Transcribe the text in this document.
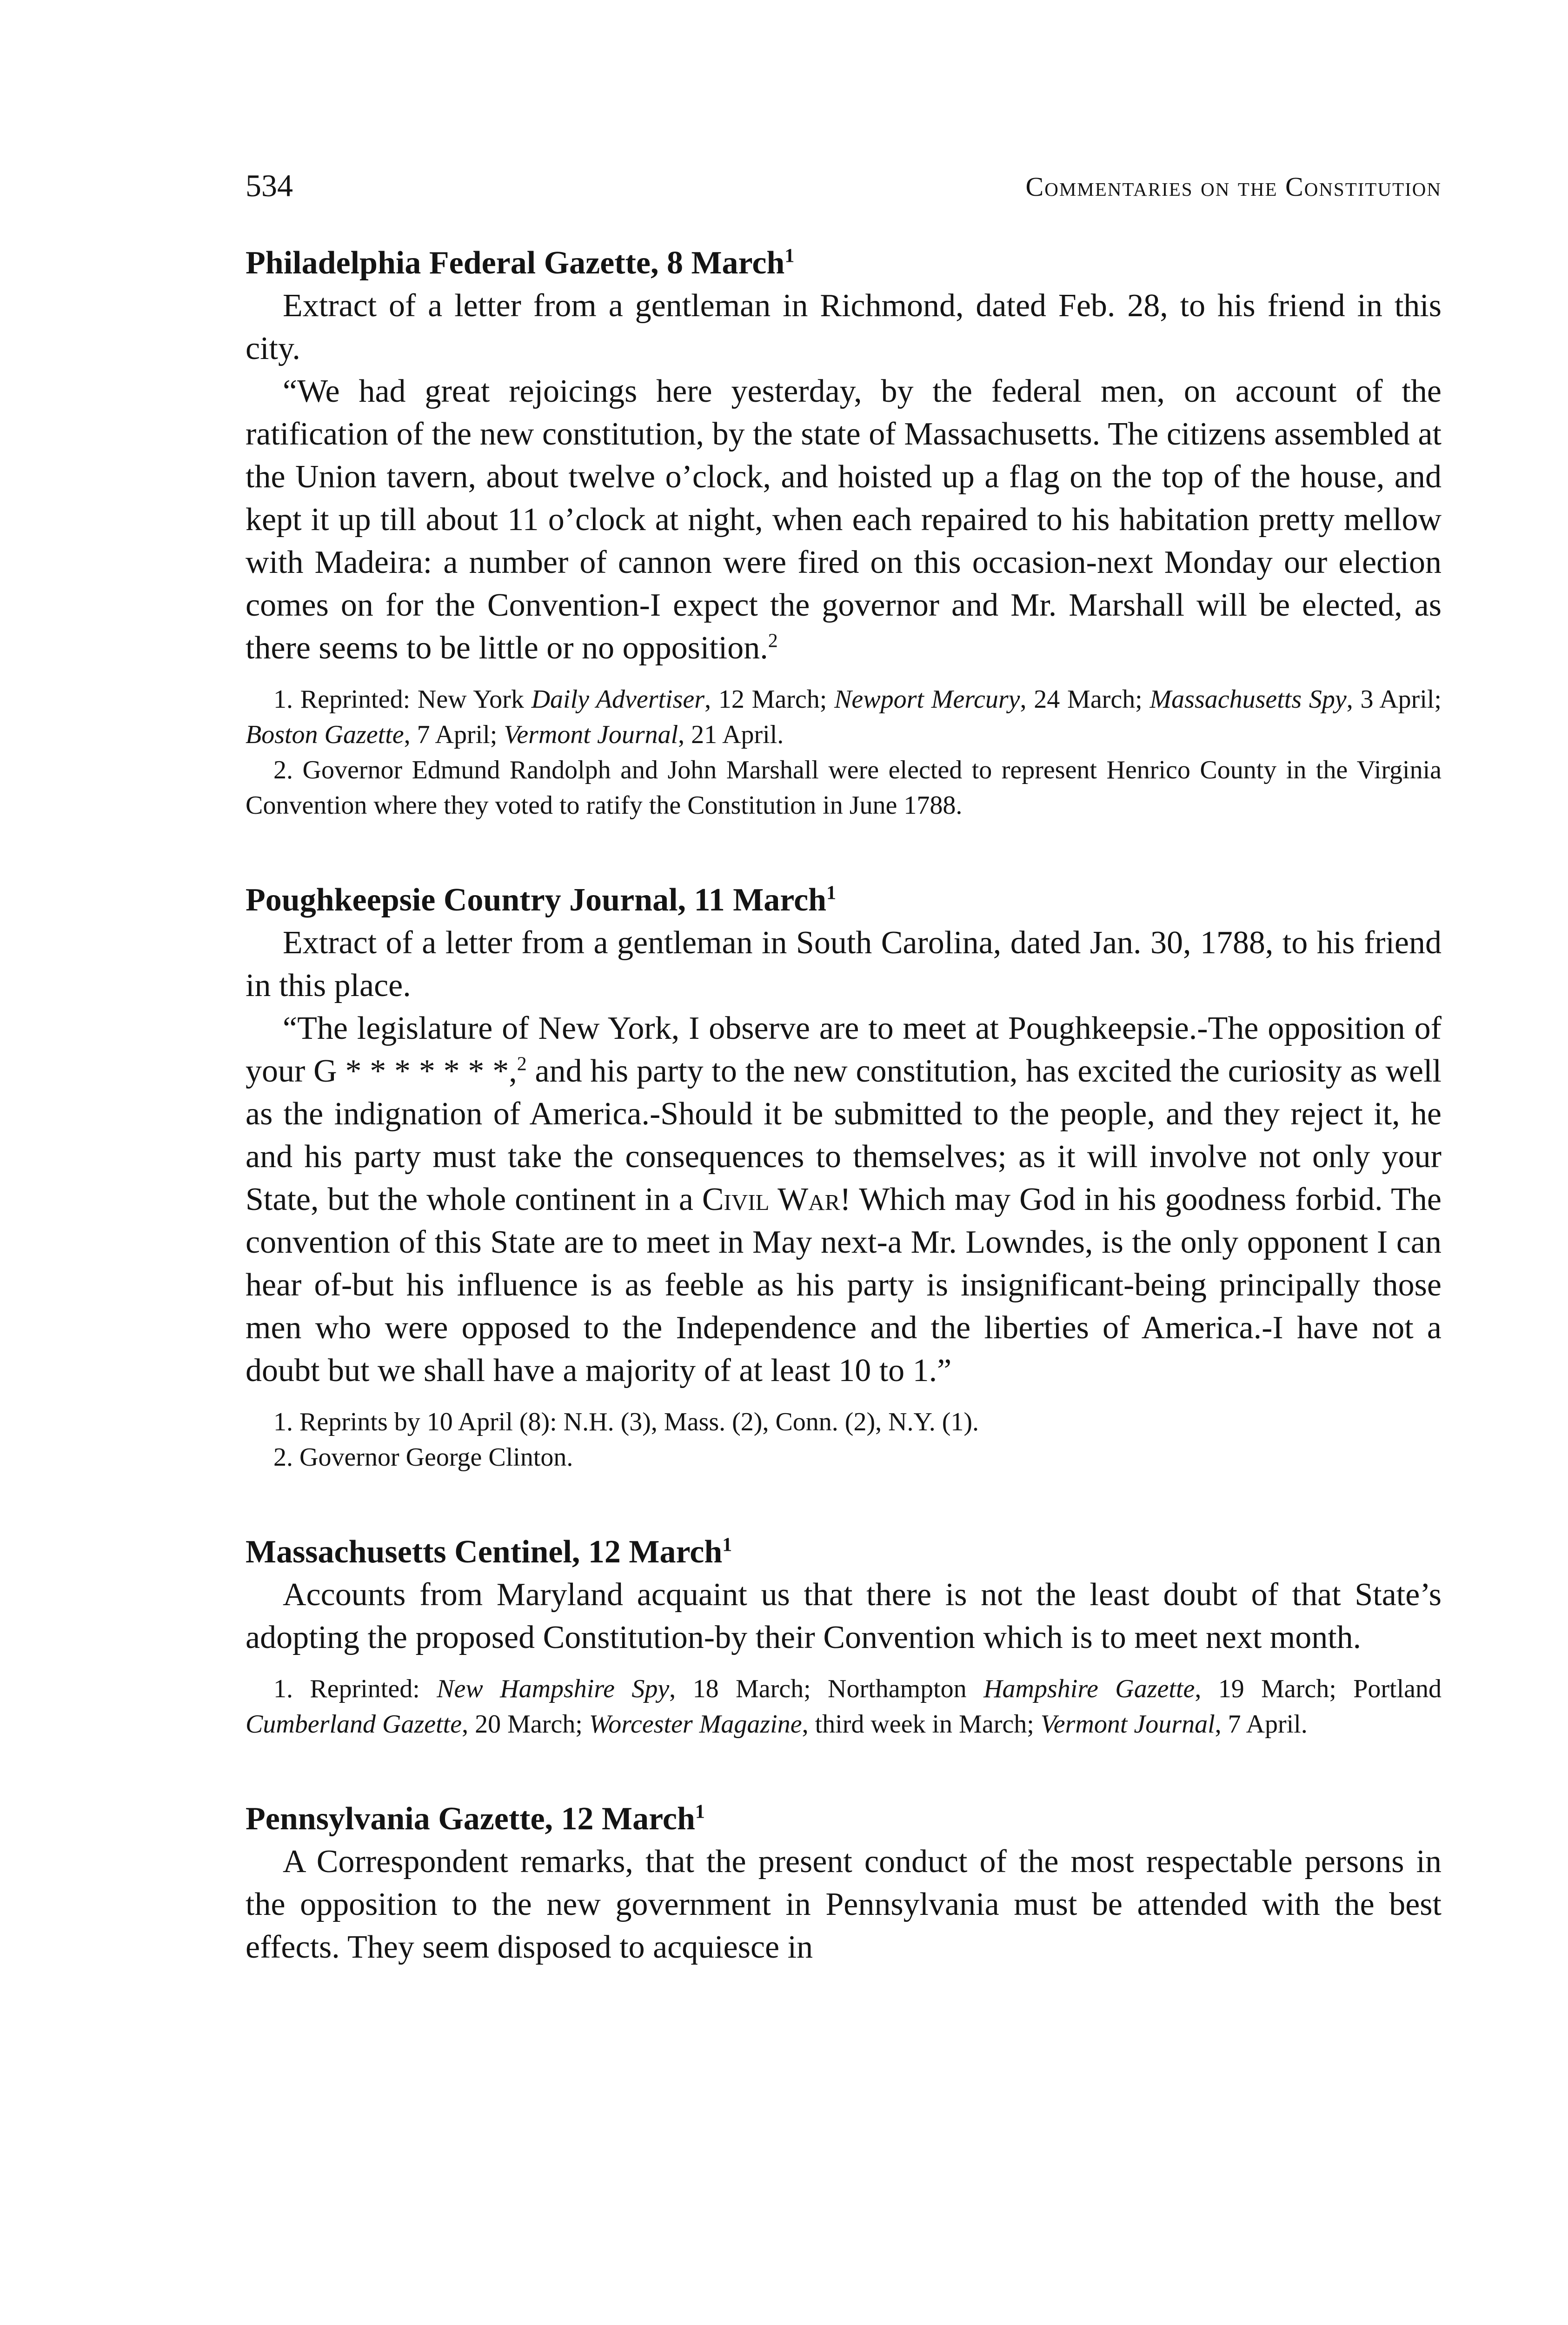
534	Commentaries on the Constitution

Philadelphia Federal Gazette, 8 March$^1$

Extract of a letter from a gentleman in Richmond, dated Feb. 28, to his friend in this city.

“We had great rejoicings here yesterday, by the federal men, on account of the ratification of the new constitution, by the state of Massachusetts. The citizens assembled at the Union tavern, about twelve o’clock, and hoisted up a flag on the top of the house, and kept it up till about 11 o’clock at night, when each repaired to his habitation pretty mellow with Madeira: a number of cannon were fired on this occasion-next Monday our election comes on for the Convention-I expect the governor and Mr. Marshall will be elected, as there seems to be little or no opposition.$^2$

1. Reprinted: New York Daily Advertiser, 12 March; Newport Mercury, 24 March; Massachusetts Spy, 3 April; Boston Gazette, 7 April; Vermont Journal, 21 April.

2. Governor Edmund Randolph and John Marshall were elected to represent Henrico County in the Virginia Convention where they voted to ratify the Constitution in June 1788.

Poughkeepsie Country Journal, 11 March$^1$

Extract of a letter from a gentleman in South Carolina, dated Jan. 30, 1788, to his friend in this place.

“The legislature of New York, I observe are to meet at Poughkeepsie.-The opposition of your G * * * * * * *,$^2$ and his party to the new constitution, has excited the curiosity as well as the indignation of America.-Should it be submitted to the people, and they reject it, he and his party must take the consequences to themselves; as it will involve not only your State, but the whole continent in a Civil War! Which may God in his goodness forbid. The convention of this State are to meet in May next-a Mr. Lowndes, is the only opponent I can hear of-but his influence is as feeble as his party is insignificant-being principally those men who were opposed to the Independence and the liberties of America.-I have not a doubt but we shall have a majority of at least 10 to 1.”

1. Reprints by 10 April (8): N.H. (3), Mass. (2), Conn. (2), N.Y. (1).

2. Governor George Clinton.

Massachusetts Centinel, 12 March$^1$

Accounts from Maryland acquaint us that there is not the least doubt of that State’s adopting the proposed Constitution-by their Convention which is to meet next month.

1. Reprinted: New Hampshire Spy, 18 March; Northampton Hampshire Gazette, 19 March; Portland Cumberland Gazette, 20 March; Worcester Magazine, third week in March; Vermont Journal, 7 April.

Pennsylvania Gazette, 12 March$^1$

A Correspondent remarks, that the present conduct of the most respectable persons in the opposition to the new government in Pennsylvania must be attended with the best effects. They seem disposed to acquiesce in
